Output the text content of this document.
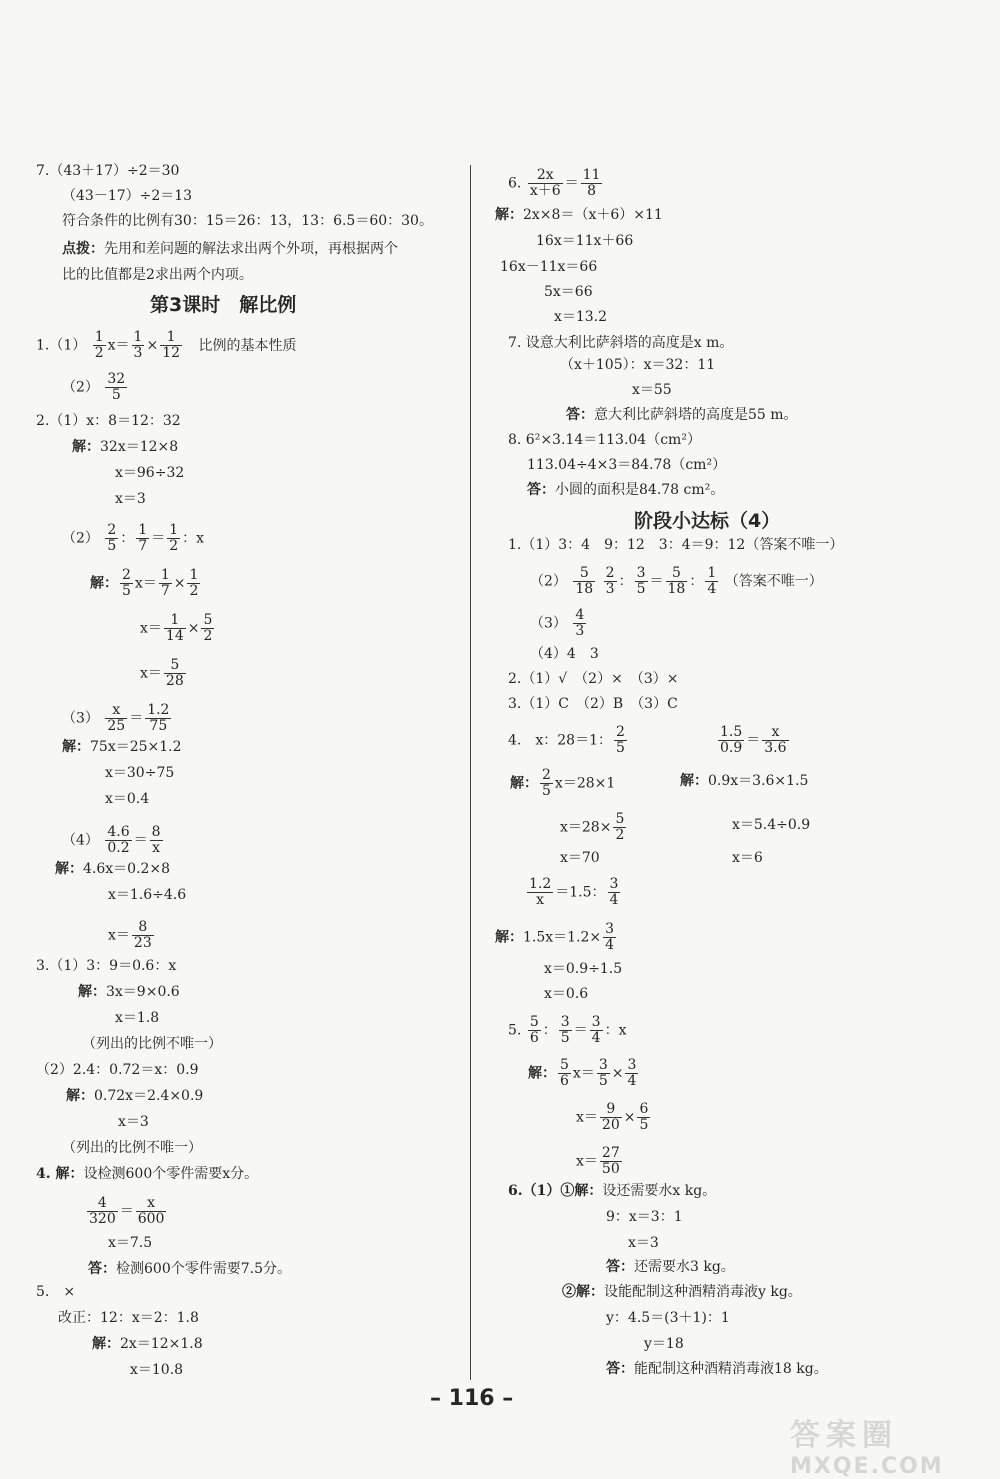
7.（43＋17）÷2＝30
（43－17）÷2＝13
符合条件的比例有30：15＝26：13，13：6.5＝60：30。
点拨：先用和差问题的解法求出两个外项，再根据两个
比的比值都是2求出两个内项。
第3课时　解比例
$1.(1) \frac{1}{2} x= \frac{1}{3} \times \frac{1}{12}$ 比例的基本性质
$(2) \frac{32}{5}$
2.（1）x：8＝12：32
解：32x＝12×8
x＝96÷32
x＝3
$(2) \frac{2}{5}$ ： $\frac{1}{7} = \frac{1}{2}$ ：x
解： $\frac{2}{5} x= \frac{1}{7} \times \frac{1}{2}$
$x= \frac{1}{14} \times \frac{5}{2}$
$x= \frac{5}{28}$
$(3) \frac{x}{25} = \frac{1.2}{75}$
解：75x＝25×1.2
x＝30÷75
x＝0.4
$(4) \frac{4.6}{0.2} = \frac{8}{x}$
解：4.6x＝0.2×8
x＝1.6÷4.6
$x= \frac{8}{23}$
3.（1）3：9＝0.6：x
解：3x＝9×0.6
x＝1.8
（列出的比例不唯一）
（2）2.4：0.72＝x：0.9
解：0.72x＝2.4×0.9
x＝3
（列出的比例不唯一）
4. 解：设检测600个零件需要x分。
$\frac{4}{320} = \frac{x}{600}$
x＝7.5
答：检测600个零件需要7.5分。
5.　×
改正：12：x＝2：1.8
解：2x＝12×1.8
x＝10.8
6. $\frac{2x}{x+6} = \frac{11}{8}$
解：2x×8＝（x＋6）×11
16x＝11x＋66
16x－11x＝66
5x＝66
x＝13.2
7. 设意大利比萨斜塔的高度是x m。
（x＋105）：x＝32：11
x＝55
答：意大利比萨斜塔的高度是55 m。
8. 6²×3.14＝113.04（cm²）
113.04÷4×3＝84.78（cm²）
答：小圆的面积是84.78 cm²。
阶段小达标（4）
1.（1）3：4　9：12　3：4＝9：12（答案不唯一）
$(2) \frac{5}{18}$
$\frac{2}{3}$ ： $\frac{3}{5} = \frac{5}{18}$ ： $\frac{1}{4}$ （答案不唯一）
$(3) \frac{4}{3}$
（4）4　3
2.（1）√　（2）×　（3）×
3.（1）C　（2）B　（3）C
4.　x：28＝1： $\frac{2}{5}$	$\frac{1.5}{0.9} = \frac{x}{3.6}$
解： $\frac{2}{5} x=28\times 1$	解：0.9x＝3.6×1.5
$x=28\times \frac{5}{2}$	x＝5.4÷0.9
x＝70	x＝6
$\frac{1.2}{x} =1.5$： $\frac{3}{4}$
解：$1.5x=1.2\times \frac{3}{4}$
x＝0.9÷1.5
x＝0.6
5. $\frac{5}{6}$ ： $\frac{3}{5} = \frac{3}{4}$ ：x
解： $\frac{5}{6} x= \frac{3}{5} \times \frac{3}{4}$
$x= \frac{9}{20} \times \frac{6}{5}$
$x= \frac{27}{50}$
6.（1）①解：设还需要水x kg。
9：x＝3：1
x＝3
答：还需要水3 kg。
②解：设能配制这种酒精消毒液y kg。
y：4.5＝(3＋1)：1
y＝18
答：能配制这种酒精消毒液18 kg。
– 116 –
答案圈
MXQE.COM
